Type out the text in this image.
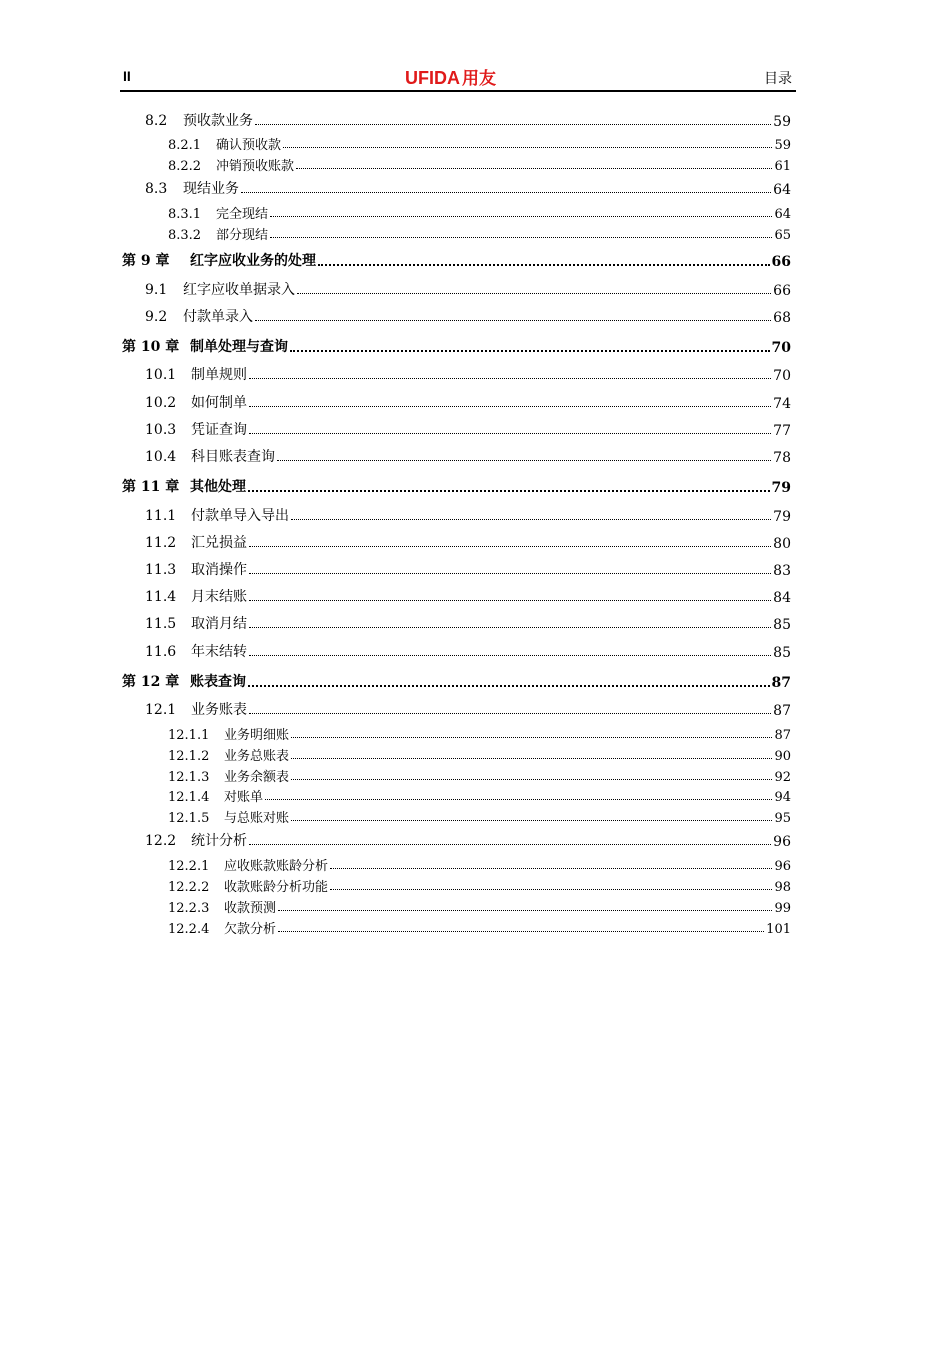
II	UFIDA 用友	目录
8.2 预收款业务	59
8.2.1 确认预收款	59
8.2.2 冲销预收账款	61
8.3 现结业务	64
8.3.1 完全现结	64
8.3.2 部分现结	65
第 9 章 红字应收业务的处理	66
9.1 红字应收单据录入	66
9.2 付款单录入	68
第 10 章 制单处理与查询	70
10.1 制单规则	70
10.2 如何制单	74
10.3 凭证查询	77
10.4 科目账表查询	78
第 11 章 其他处理	79
11.1 付款单导入导出	79
11.2 汇兑损益	80
11.3 取消操作	83
11.4 月末结账	84
11.5 取消月结	85
11.6 年末结转	85
第 12 章 账表查询	87
12.1 业务账表	87
12.1.1 业务明细账	87
12.1.2 业务总账表	90
12.1.3 业务余额表	92
12.1.4 对账单	94
12.1.5 与总账对账	95
12.2 统计分析	96
12.2.1 应收账款账龄分析	96
12.2.2 收款账龄分析功能	98
12.2.3 收款预测	99
12.2.4 欠款分析	101
